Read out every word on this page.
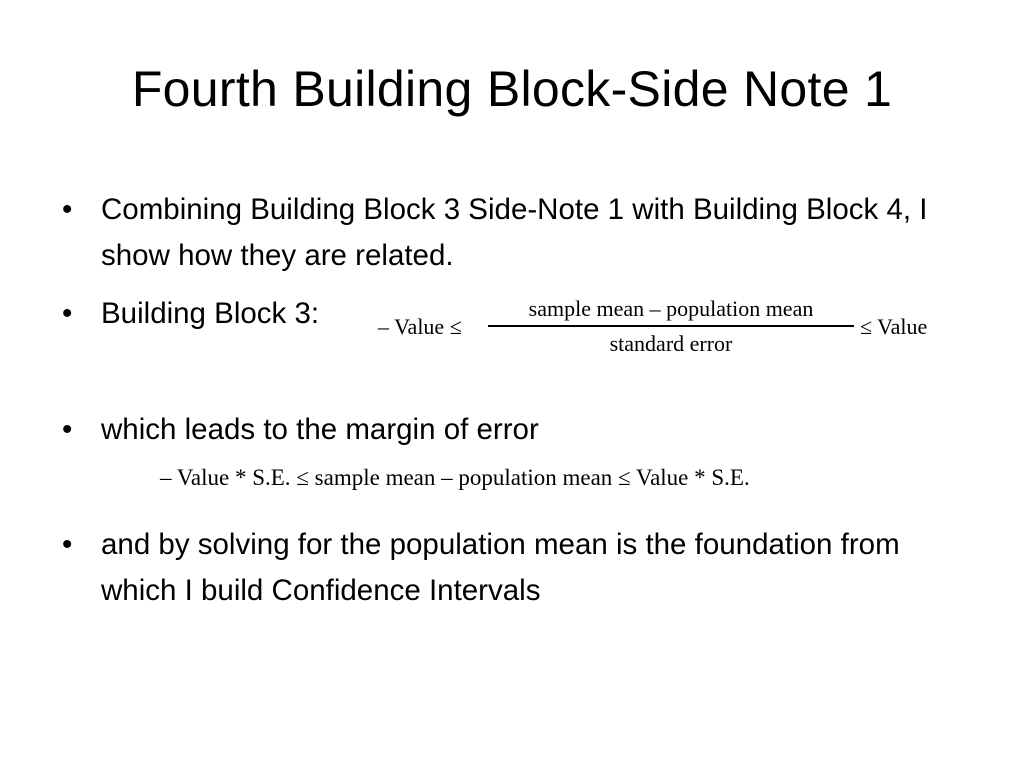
Fourth Building Block-Side Note 1
• Combining Building Block 3 Side-Note 1 with Building Block 4, I show how they are related.
• Building Block 3:	– Value ≤
sample mean – population mean
standard error
≤ Value
• which leads to the margin of error
– Value * S.E. ≤ sample mean – population mean ≤ Value * S.E.
• and by solving for the population mean is the foundation from which I build Confidence Intervals
